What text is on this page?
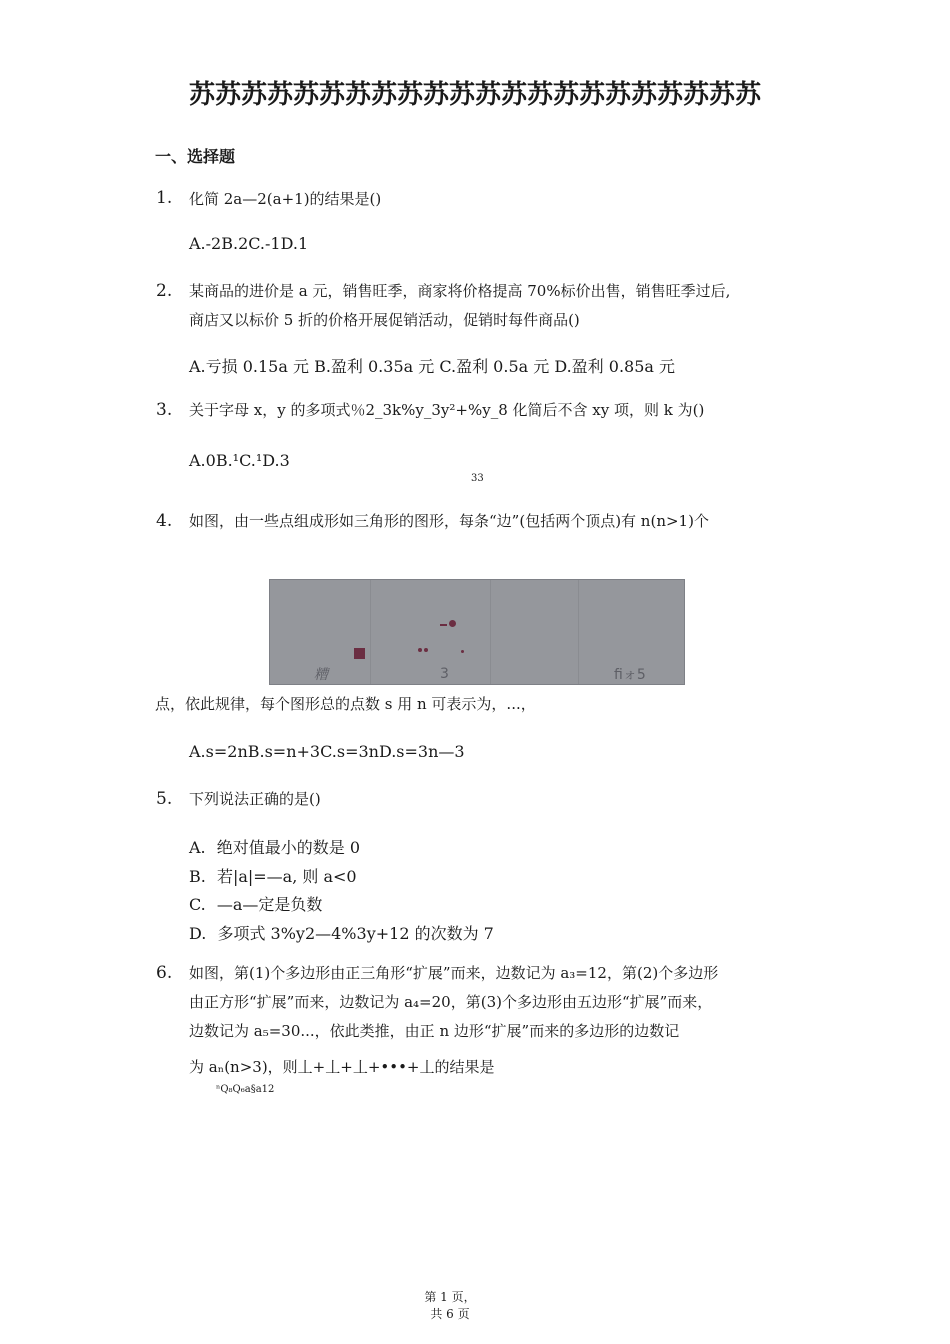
苏苏苏苏苏苏苏苏苏苏苏苏苏苏苏苏苏苏苏苏苏苏
一、选择题
1. 化简 2a—2(a+1)的结果是()
A.-2B.2C.-1D.1
2. 某商品的进价是 a 元，销售旺季，商家将价格提高 70%标价出售，销售旺季过后,
商店又以标价 5 折的价格开展促销活动，促销时每件商品()
A.亏损 0.15a 元 B.盈利 0.35a 元 C.盈利 0.5a 元 D.盈利 0.85a 元
3. 关于字母 x，y 的多项式％2_3k%y_3y²+%y_8 化简后不含 xy 项，则 k 为()
A.0B.¹C.¹D.3
33
4. 如图，由一些点组成形如三角形的图形，每条“边”(包括两个顶点)有 n(n>1)个
糟	3	fiォ5
点，依此规律，每个图形总的点数 s 用 n 可表示为，...，
A.s=2nB.s=n+3C.s=3nD.s=3n—3
5. 下列说法正确的是()
A. 绝对值最小的数是 0
B. 若|a|=—a, 则 a<0
C. —a—定是负数
D. 多项式 3%y2—4%3y+12 的次数为 7
6. 如图，第(1)个多边形由正三角形“扩展”而来，边数记为 a₃=12，第(2)个多边形
由正方形“扩展”而来，边数记为 a₄=20，第(3)个多边形由五边形“扩展”而来，
边数记为 a₅=30...，依此类推，由正 n 边形“扩展”而来的多边形的边数记
为 aₙ(n>3)，则丄+丄+丄+•••+丄的结果是
ⁿQ₈Q₆a§a12
第 1 页，
共 6 页
